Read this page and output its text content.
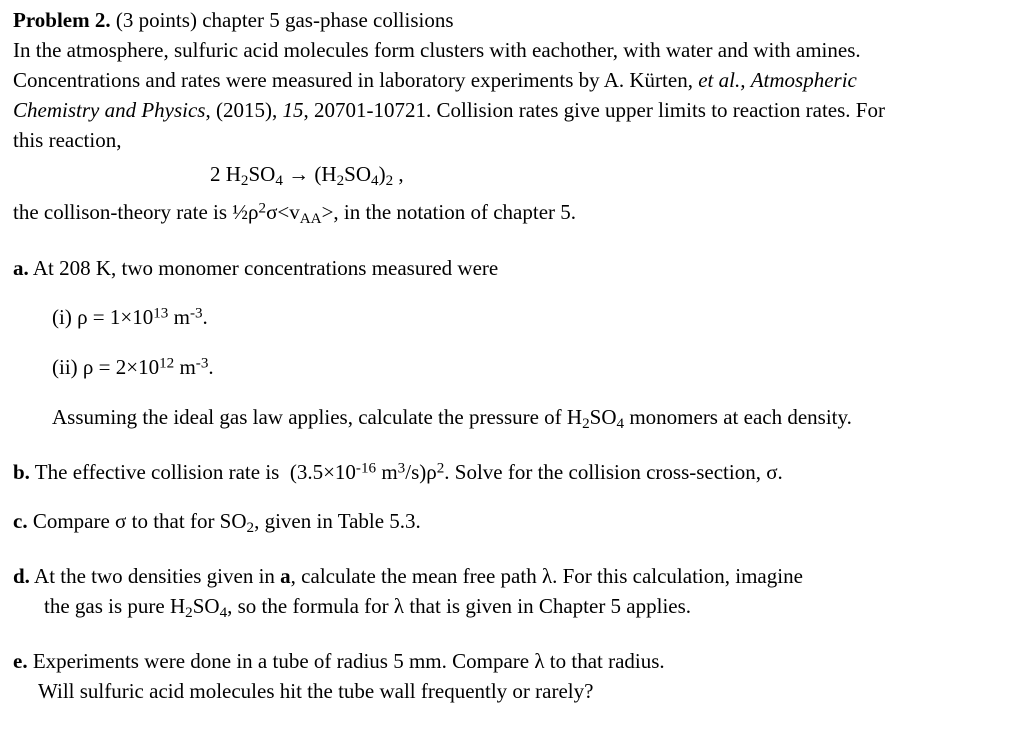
Problem 2. (3 points) chapter 5 gas-phase collisions
In the atmosphere, sulfuric acid molecules form clusters with eachother, with water and with amines.
Concentrations and rates were measured in laboratory experiments by A. Kürten, et al., Atmospheric
Chemistry and Physics, (2015), 15, 20701-10721. Collision rates give upper limits to reaction rates. For
this reaction,
2 $H_2SO_4 \to (H_2SO_4)_2$ ,
the collison-theory rate is $\frac{1}{2}\rho^2\sigma<v_{AA}>$, in the notation of chapter 5.
a. At 208 K, two monomer concentrations measured were
(i) $\rho = 1\times 10^{13}$ $m^{-3}$.
(ii) $\rho = 2\times 10^{12}$ $m^{-3}$.
Assuming the ideal gas law applies, calculate the pressure of $H_2SO_4$ monomers at each density.
b. The effective collision rate is  ($3.5\times 10^{-16}$ $m^3/s)\rho^2$. Solve for the collision cross-section, σ.
c. Compare σ to that for $SO_2$, given in Table 5.3.
d. At the two densities given in a, calculate the mean free path λ. For this calculation, imagine
the gas is pure $H_2SO_4$, so the formula for λ that is given in Chapter 5 applies.
e. Experiments were done in a tube of radius 5 mm. Compare λ to that radius.
Will sulfuric acid molecules hit the tube wall frequently or rarely?
